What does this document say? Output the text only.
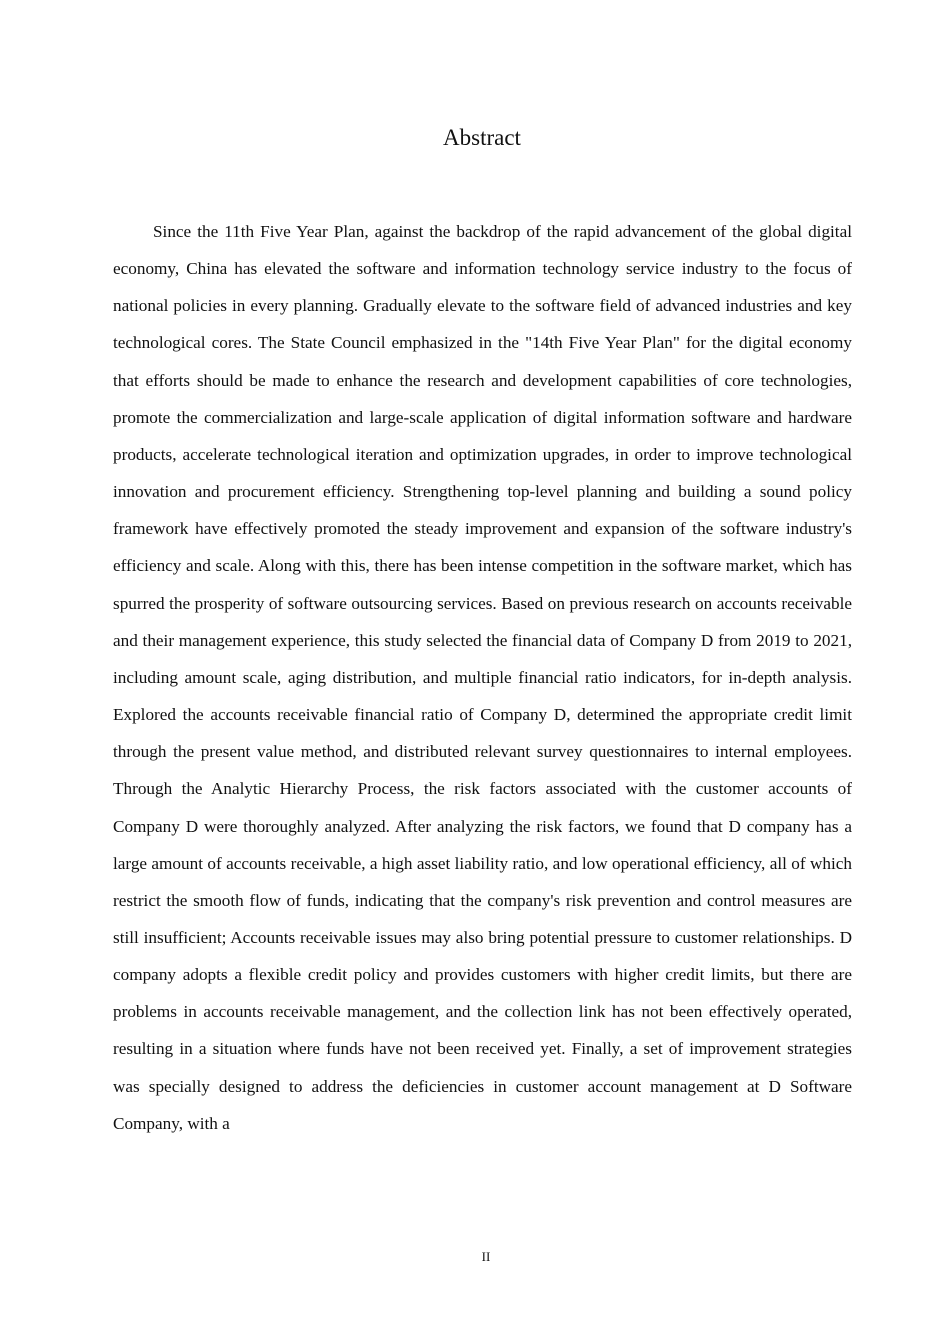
Abstract

Since the 11th Five Year Plan, against the backdrop of the rapid advancement of the global digital economy, China has elevated the software and information technology service industry to the focus of national policies in every planning. Gradually elevate to the software field of advanced industries and key technological cores. The State Council emphasized in the "14th Five Year Plan" for the digital economy that efforts should be made to enhance the research and development capabilities of core technologies, promote the commercialization and large-scale application of digital information software and hardware products, accelerate technological iteration and optimization upgrades, in order to improve technological innovation and procurement efficiency. Strengthening top-level planning and building a sound policy framework have effectively promoted the steady improvement and expansion of the software industry's efficiency and scale. Along with this, there has been intense competition in the software market, which has spurred the prosperity of software outsourcing services. Based on previous research on accounts receivable and their management experience, this study selected the financial data of Company D from 2019 to 2021, including amount scale, aging distribution, and multiple financial ratio indicators, for in-depth analysis. Explored the accounts receivable financial ratio of Company D, determined the appropriate credit limit through the present value method, and distributed relevant survey questionnaires to internal employees. Through the Analytic Hierarchy Process, the risk factors associated with the customer accounts of Company D were thoroughly analyzed. After analyzing the risk factors, we found that D company has a large amount of accounts receivable, a high asset liability ratio, and low operational efficiency, all of which restrict the smooth flow of funds, indicating that the company's risk prevention and control measures are still insufficient; Accounts receivable issues may also bring potential pressure to customer relationships. D company adopts a flexible credit policy and provides customers with higher credit limits, but there are problems in accounts receivable management, and the collection link has not been effectively operated, resulting in a situation where funds have not been received yet. Finally, a set of improvement strategies was specially designed to address the deficiencies in customer account management at D Software Company, with a

II
